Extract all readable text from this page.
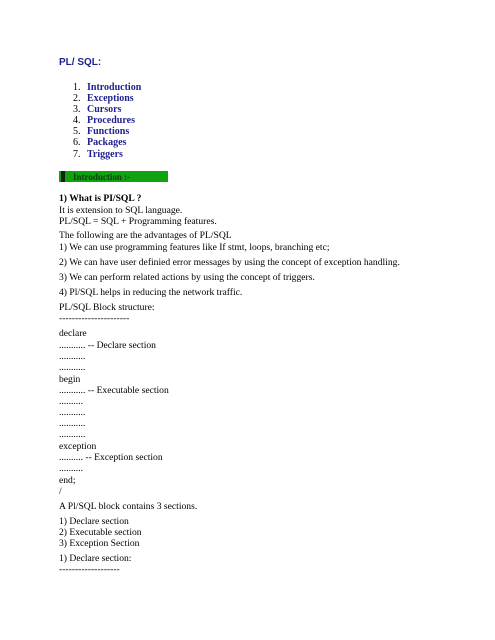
PL/ SQL:
1. Introduction
2. Exceptions
3. Cursors
4. Procedures
5. Functions
6. Packages
7. Triggers
Introduction :-
1) What is PI/SQL ?
It is extension to SQL language.
PL/SQL = SQL + Programming features.
The following are the advantages of PL/SQL
1) We can use programming features like If stmt, loops, branching etc;
2) We can have user definied error messages by using the concept of exception handling.
3) We can perform related actions by using the concept of triggers.
4) Pl/SQL helps in reducing the network traffic.
PL/SQL Block structure:
----------------------
declare
........... -- Declare section
...........
...........
begin
........... -- Executable section
..........
...........
...........
...........
exception
.......... -- Exception section
..........
end;
/
A Pl/SQL block contains 3 sections.
1) Declare section
2) Executable section
3) Exception Section
1) Declare section:
-------------------
